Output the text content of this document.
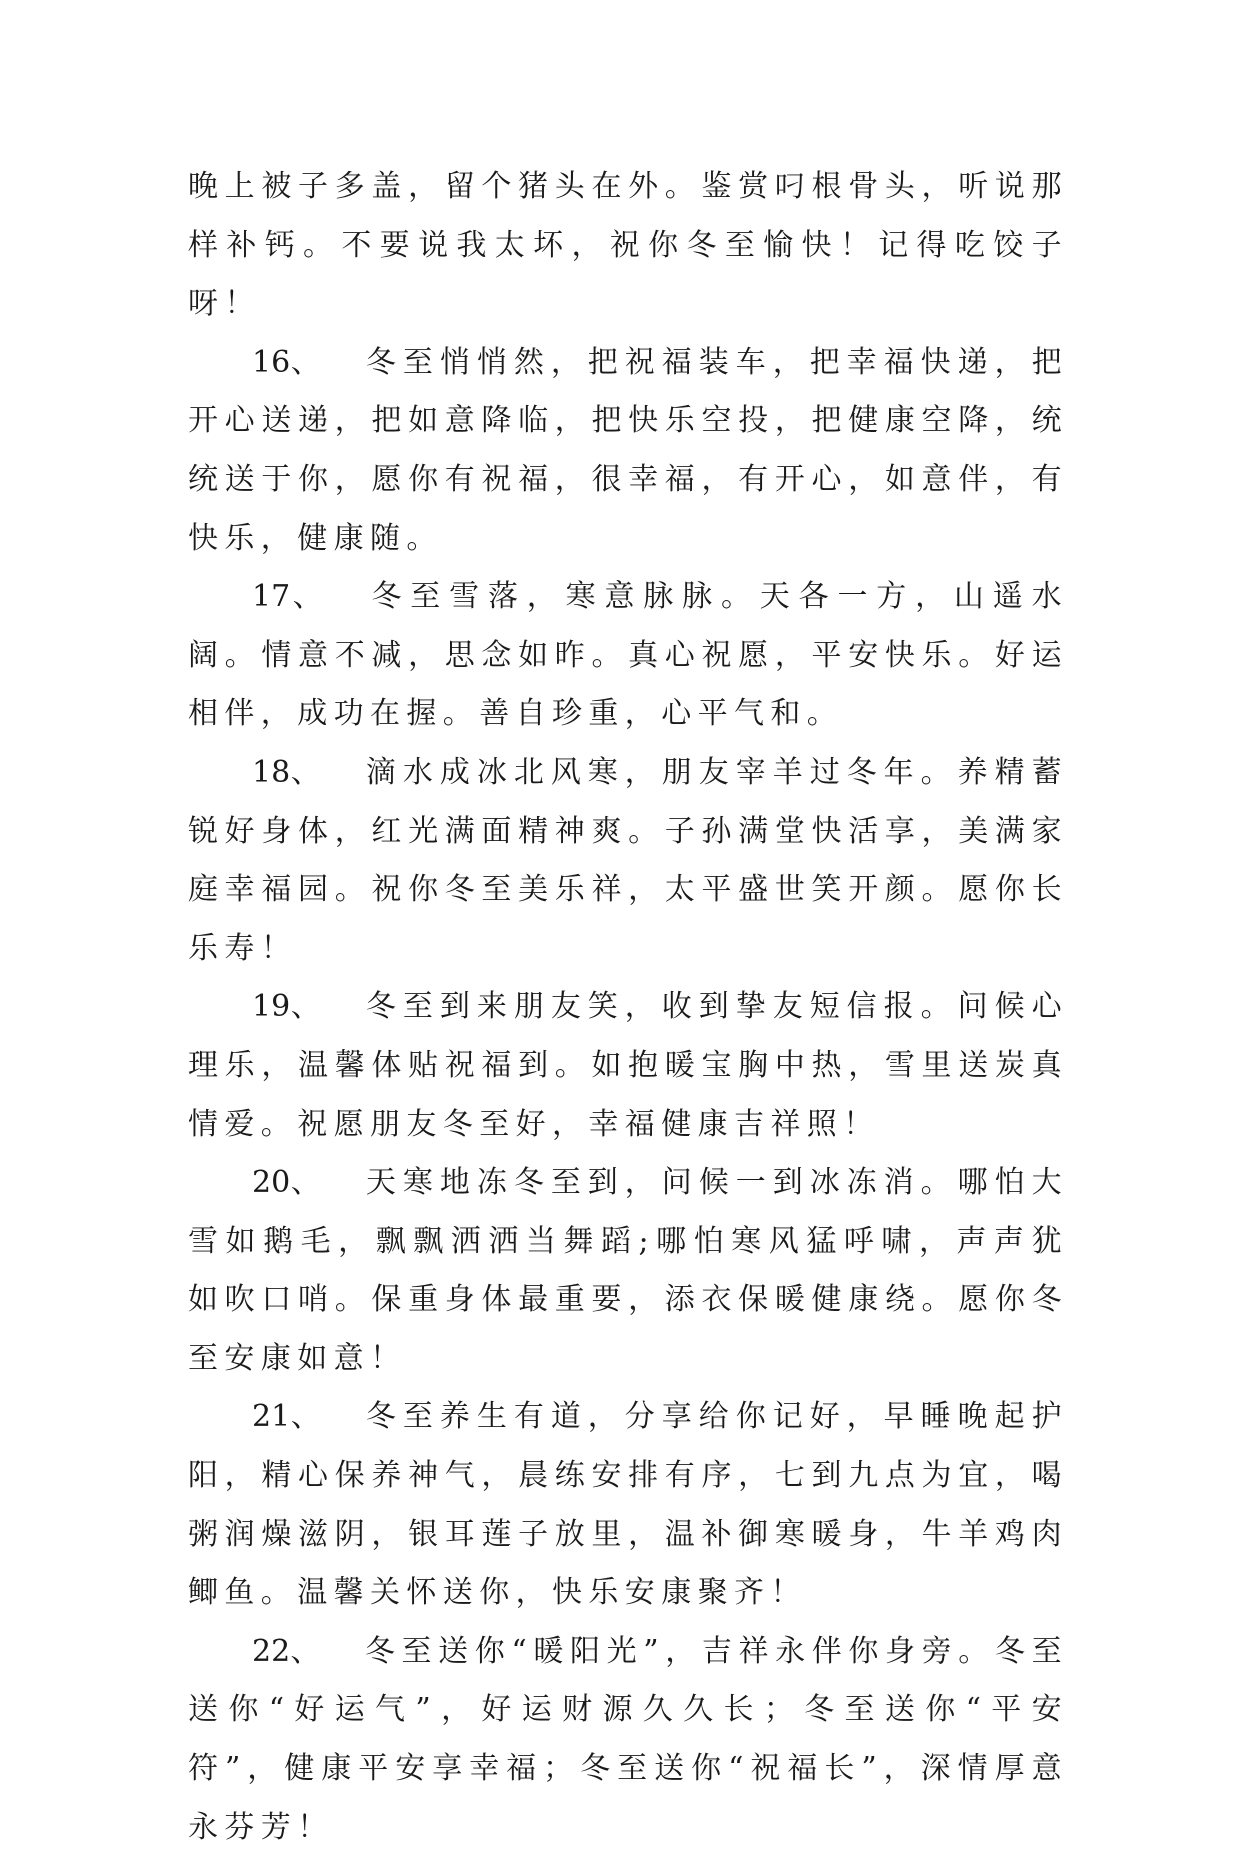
晚上被子多盖，留个猪头在外。鉴赏叼根骨头，听说那样补钙。不要说我太坏，祝你冬至愉快！记得吃饺子呀！

16、 冬至悄悄然，把祝福装车，把幸福快递，把开心送递，把如意降临，把快乐空投，把健康空降，统统送于你，愿你有祝福，很幸福，有开心，如意伴，有快乐，健康随。

17、 冬至雪落，寒意脉脉。天各一方，山遥水阔。情意不减，思念如昨。真心祝愿，平安快乐。好运相伴，成功在握。善自珍重，心平气和。

18、 滴水成冰北风寒，朋友宰羊过冬年。养精蓄锐好身体，红光满面精神爽。子孙满堂快活享，美满家庭幸福园。祝你冬至美乐祥，太平盛世笑开颜。愿你长乐寿！

19、 冬至到来朋友笑，收到挚友短信报。问候心理乐，温馨体贴祝福到。如抱暖宝胸中热，雪里送炭真情爱。祝愿朋友冬至好，幸福健康吉祥照！

20、 天寒地冻冬至到，问候一到冰冻消。哪怕大雪如鹅毛，飘飘洒洒当舞蹈;哪怕寒风猛呼啸，声声犹如吹口哨。保重身体最重要，添衣保暖健康绕。愿你冬至安康如意！

21、 冬至养生有道，分享给你记好，早睡晚起护阳，精心保养神气，晨练安排有序，七到九点为宜，喝粥润燥滋阴，银耳莲子放里，温补御寒暖身，牛羊鸡肉鲫鱼。温馨关怀送你，快乐安康聚齐！

22、 冬至送你“暖阳光”，吉祥永伴你身旁。冬至送你“好运气”，好运财源久久长；冬至送你“平安符”，健康平安享幸福；冬至送你“祝福长”，深情厚意永芬芳！
